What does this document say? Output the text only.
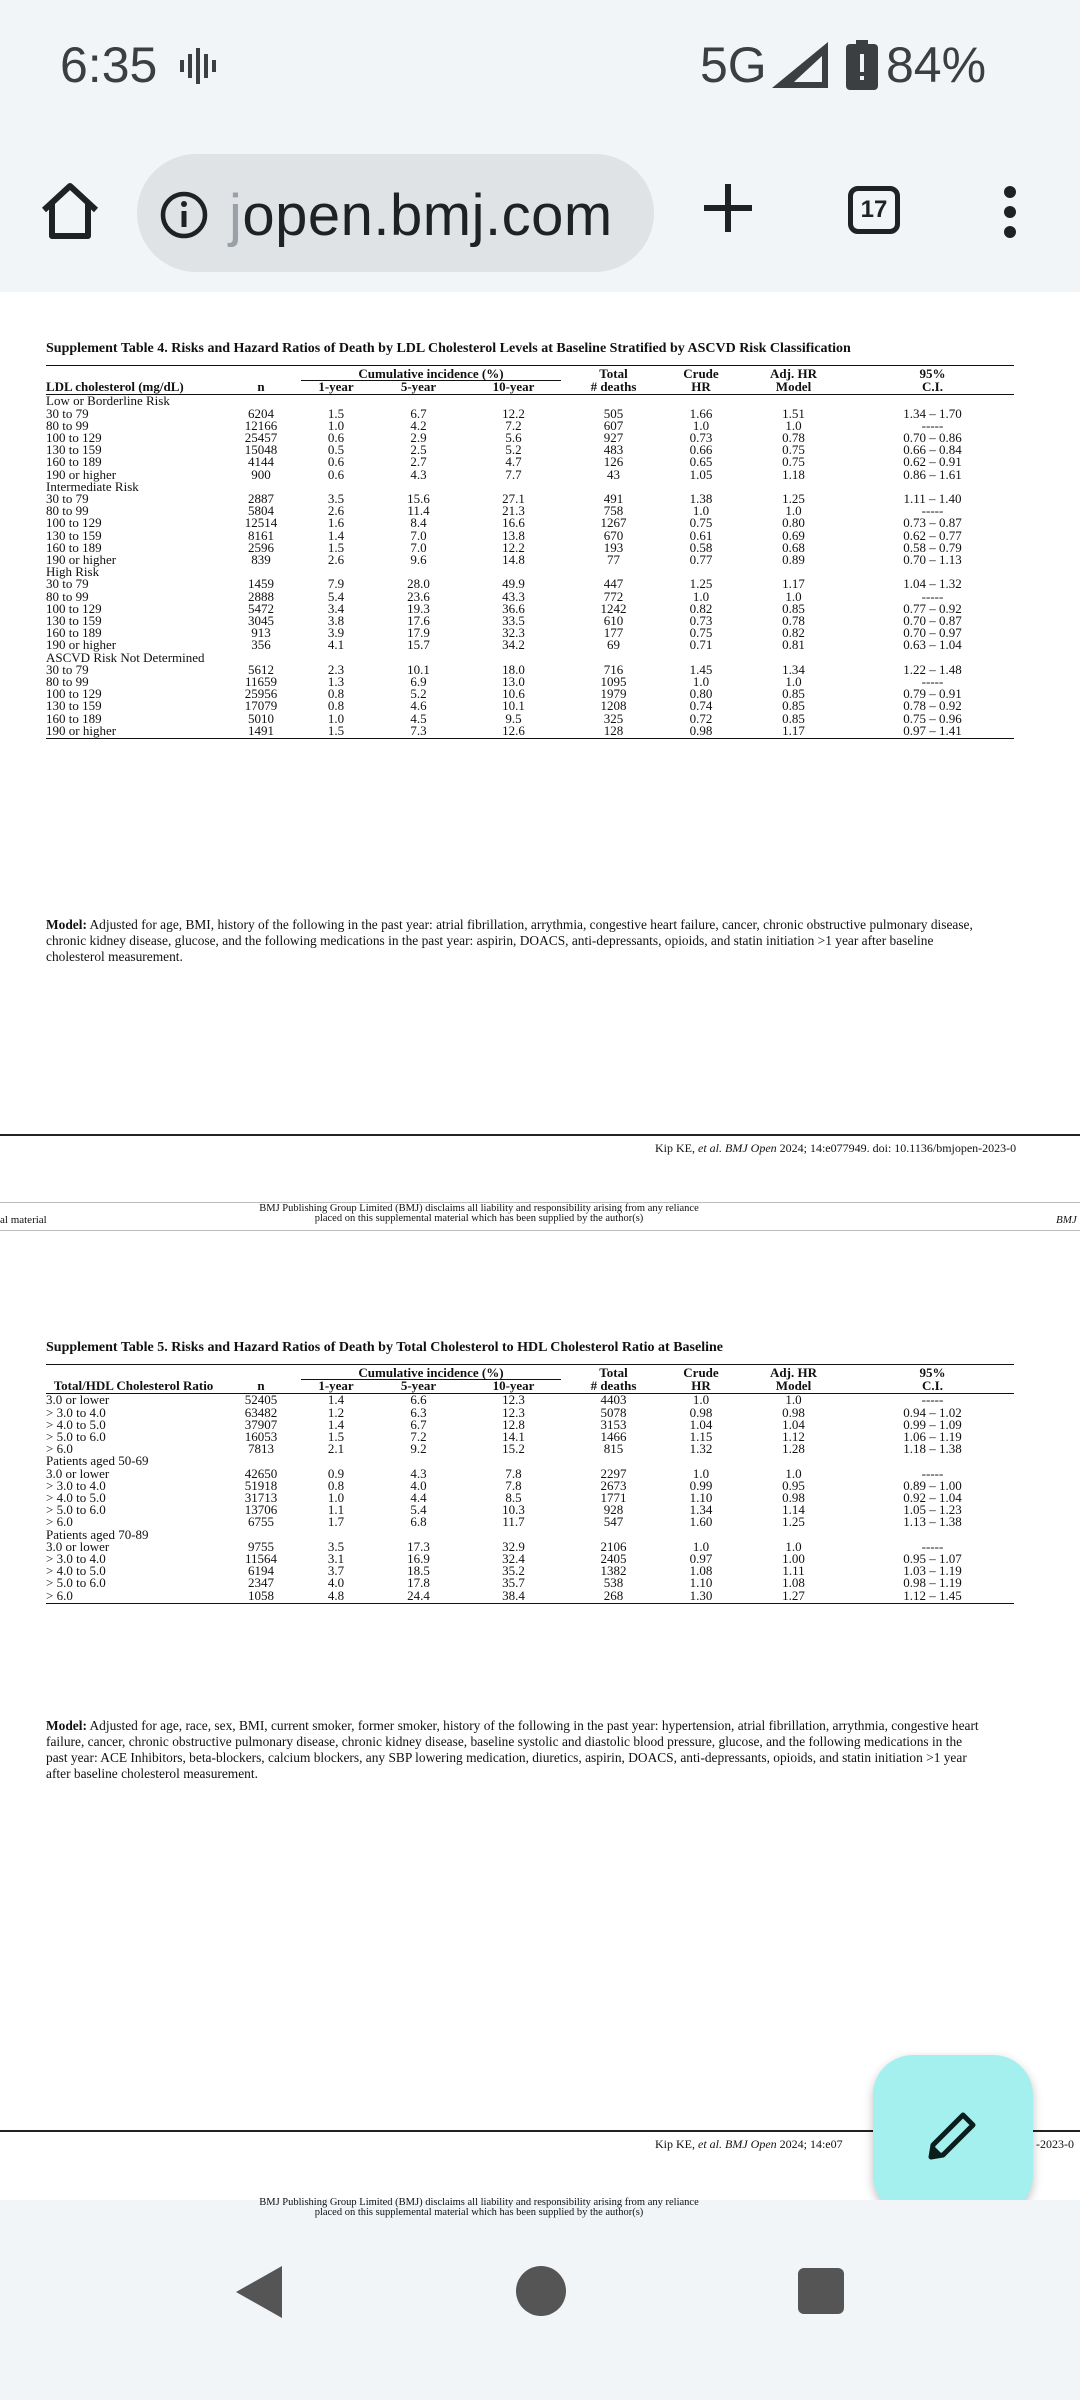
6:35	5G 84%
jopen.bmj.com	17
Supplement Table 4. Risks and Hazard Ratios of Death by LDL Cholesterol Levels at Baseline Stratified by ASCVD Risk Classification
		Cumulative incidence (%)			Total	Crude	Adj. HR	95%
LDL cholesterol (mg/dL)	n	1-year	5-year	10-year	# deaths	HR	Model	C.I.
Low or Borderline Risk								
30 to 79	6204	1.5	6.7	12.2	505	1.66	1.51	1.34 – 1.70
80 to 99	12166	1.0	4.2	7.2	607	1.0	1.0	-----
100 to 129	25457	0.6	2.9	5.6	927	0.73	0.78	0.70 – 0.86
130 to 159	15048	0.5	2.5	5.2	483	0.66	0.75	0.66 – 0.84
160 to 189	4144	0.6	2.7	4.7	126	0.65	0.75	0.62 – 0.91
190 or higher	900	0.6	4.3	7.7	43	1.05	1.18	0.86 – 1.61
Intermediate Risk								
30 to 79	2887	3.5	15.6	27.1	491	1.38	1.25	1.11 – 1.40
80 to 99	5804	2.6	11.4	21.3	758	1.0	1.0	-----
100 to 129	12514	1.6	8.4	16.6	1267	0.75	0.80	0.73 – 0.87
130 to 159	8161	1.4	7.0	13.8	670	0.61	0.69	0.62 – 0.77
160 to 189	2596	1.5	7.0	12.2	193	0.58	0.68	0.58 – 0.79
190 or higher	839	2.6	9.6	14.8	77	0.77	0.89	0.70 – 1.13
High Risk								
30 to 79	1459	7.9	28.0	49.9	447	1.25	1.17	1.04 – 1.32
80 to 99	2888	5.4	23.6	43.3	772	1.0	1.0	-----
100 to 129	5472	3.4	19.3	36.6	1242	0.82	0.85	0.77 – 0.92
130 to 159	3045	3.8	17.6	33.5	610	0.73	0.78	0.70 – 0.87
160 to 189	913	3.9	17.9	32.3	177	0.75	0.82	0.70 – 0.97
190 or higher	356	4.1	15.7	34.2	69	0.71	0.81	0.63 – 1.04
ASCVD Risk Not Determined								
30 to 79	5612	2.3	10.1	18.0	716	1.45	1.34	1.22 – 1.48
80 to 99	11659	1.3	6.9	13.0	1095	1.0	1.0	-----
100 to 129	25956	0.8	5.2	10.6	1979	0.80	0.85	0.79 – 0.91
130 to 159	17079	0.8	4.6	10.1	1208	0.74	0.85	0.78 – 0.92
160 to 189	5010	1.0	4.5	9.5	325	0.72	0.85	0.75 – 0.96
190 or higher	1491	1.5	7.3	12.6	128	0.98	1.17	0.97 – 1.41
Model: Adjusted for age, BMI, history of the following in the past year: atrial fibrillation, arrythmia, congestive heart failure, cancer, chronic obstructive pulmonary disease, chronic kidney disease, glucose, and the following medications in the past year: aspirin, DOACS, anti-depressants, opioids, and statin initiation >1 year after baseline cholesterol measurement.
Kip KE, et al. BMJ Open 2024; 14:e077949. doi: 10.1136/bmjopen-2023-0
BMJ Publishing Group Limited (BMJ) disclaims all liability and responsibility arising from any reliance
placed on this supplemental material which has been supplied by the author(s)
al material	BMJ
Supplement Table 5. Risks and Hazard Ratios of Death by Total Cholesterol to HDL Cholesterol Ratio at Baseline
		Cumulative incidence (%)			Total	Crude	Adj. HR	95%
Total/HDL Cholesterol Ratio	n	1-year	5-year	10-year	# deaths	HR	Model	C.I.
3.0 or lower	52405	1.4	6.6	12.3	4403	1.0	1.0	-----
> 3.0 to 4.0	63482	1.2	6.3	12.3	5078	0.98	0.98	0.94 – 1.02
> 4.0 to 5.0	37907	1.4	6.7	12.8	3153	1.04	1.04	0.99 – 1.09
> 5.0 to 6.0	16053	1.5	7.2	14.1	1466	1.15	1.12	1.06 – 1.19
> 6.0	7813	2.1	9.2	15.2	815	1.32	1.28	1.18 – 1.38
Patients aged 50-69								
3.0 or lower	42650	0.9	4.3	7.8	2297	1.0	1.0	-----
> 3.0 to 4.0	51918	0.8	4.0	7.8	2673	0.99	0.95	0.89 – 1.00
> 4.0 to 5.0	31713	1.0	4.4	8.5	1771	1.10	0.98	0.92 – 1.04
> 5.0 to 6.0	13706	1.1	5.4	10.3	928	1.34	1.14	1.05 – 1.23
> 6.0	6755	1.7	6.8	11.7	547	1.60	1.25	1.13 – 1.38
Patients aged 70-89								
3.0 or lower	9755	3.5	17.3	32.9	2106	1.0	1.0	-----
> 3.0 to 4.0	11564	3.1	16.9	32.4	2405	0.97	1.00	0.95 – 1.07
> 4.0 to 5.0	6194	3.7	18.5	35.2	1382	1.08	1.11	1.03 – 1.19
> 5.0 to 6.0	2347	4.0	17.8	35.7	538	1.10	1.08	0.98 – 1.19
> 6.0	1058	4.8	24.4	38.4	268	1.30	1.27	1.12 – 1.45
Model: Adjusted for age, race, sex, BMI, current smoker, former smoker, history of the following in the past year: hypertension, atrial fibrillation, arrythmia, congestive heart failure, cancer, chronic obstructive pulmonary disease, chronic kidney disease, baseline systolic and diastolic blood pressure, glucose, and the following medications in the past year: ACE Inhibitors, beta-blockers, calcium blockers, any SBP lowering medication, diuretics, aspirin, DOACS, anti-depressants, opioids, and statin initiation >1 year after baseline cholesterol measurement.
Kip KE, et al. BMJ Open 2024; 14:e07	-2023-0
BMJ Publishing Group Limited (BMJ) disclaims all liability and responsibility arising from any reliance
placed on this supplemental material which has been supplied by the author(s)
